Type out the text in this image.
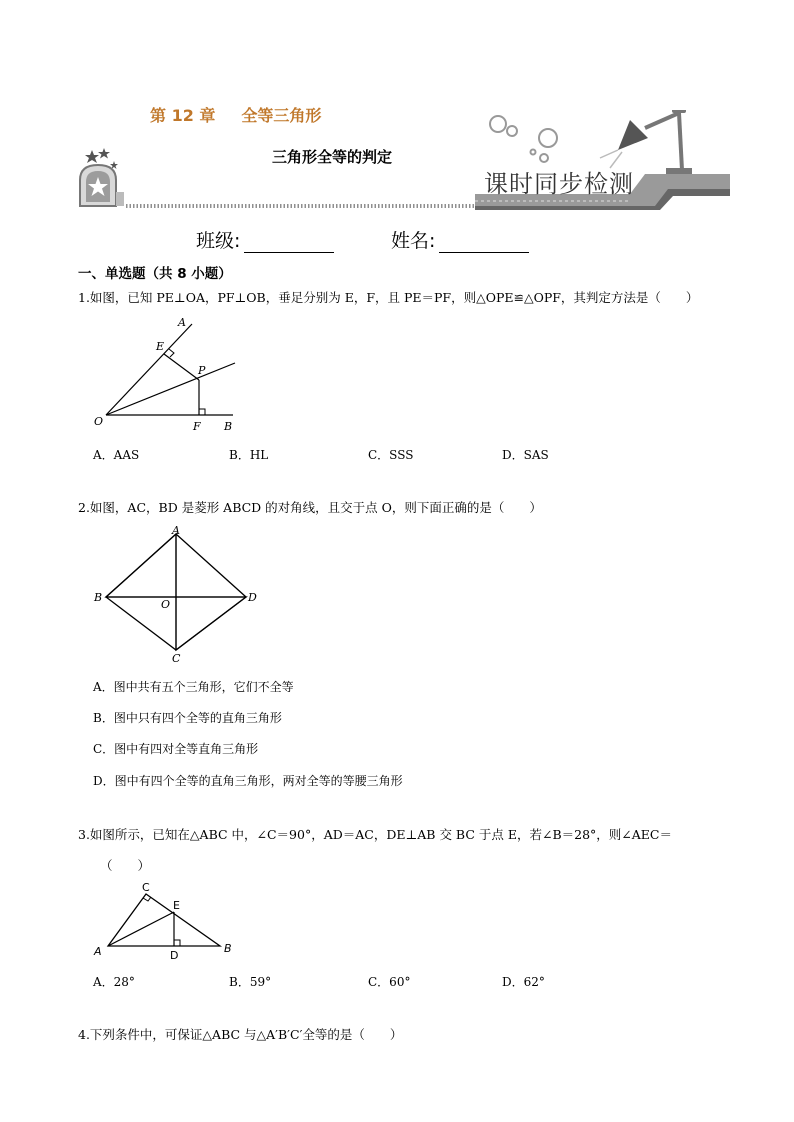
第 12 章 全等三角形
三角形全等的判定
课时同步检测
班级:	姓名:
一、单选题（共 8 小题）
1.如图，已知 PE⊥OA，PF⊥OB，垂足分别为 E，F，且 PE＝PF，则△OPE≌△OPF，其判定方法是（　　）
A
E
P
O	F B
A．AAS	B．HL	C．SSS	D．SAS
2.如图，AC，BD 是菱形 ABCD 的对角线，且交于点 O，则下面正确的是（　　）
A
B
O
D
C
A．图中共有五个三角形，它们不全等
B．图中只有四个全等的直角三角形
C．图中有四对全等直角三角形
D．图中有四个全等的直角三角形，两对全等的等腰三角形
3.如图所示，已知在△ABC 中，∠C＝90°，AD＝AC，DE⊥AB 交 BC 于点 E，若∠B＝28°，则∠AEC＝
（　　）
C
E
A	D
B
A．28°	B．59°	C．60°	D．62°
4.下列条件中，可保证△ABC 与△A′B′C′全等的是（　　）
